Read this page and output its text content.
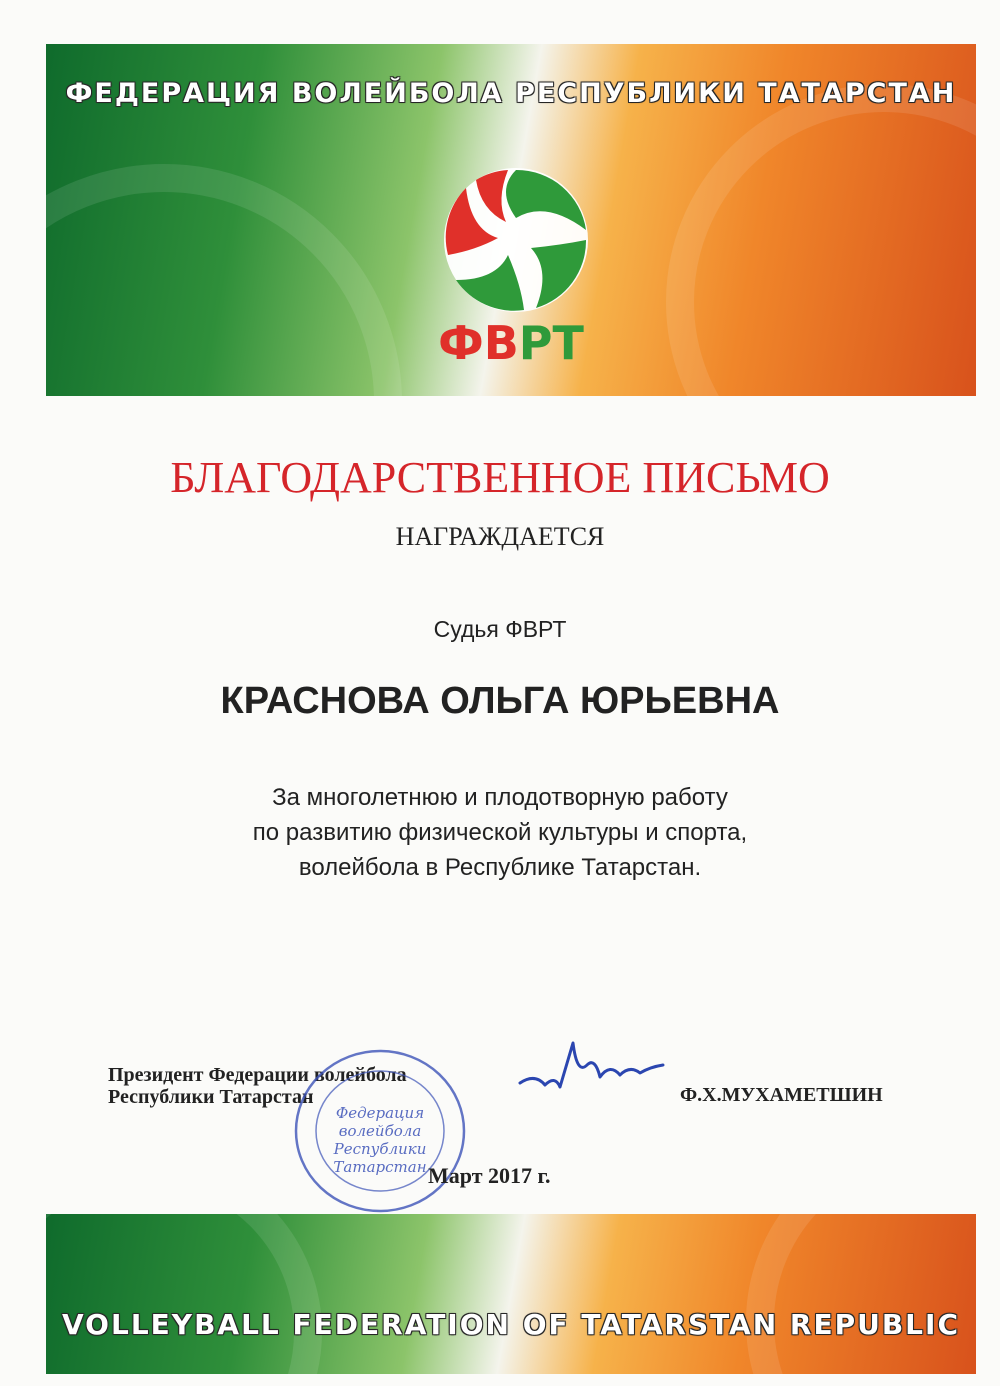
ФЕДЕРАЦИЯ ВОЛЕЙБОЛА РЕСПУБЛИКИ ТАТАРСТАН
ФВРТ
БЛАГОДАРСТВЕННОЕ ПИСЬМО
НАГРАЖДАЕТСЯ
Судья ФВРТ
КРАСНОВА ОЛЬГА ЮРЬЕВНА
За многолетнюю и плодотворную работу
по развитию физической культуры и спорта,
волейбола в Республике Татарстан.
Президент Федерации волейбола
Республики Татарстан
Федерация
волейбола
Республики
Татарстан
Ф.Х.МУХАМЕТШИН
Март 2017 г.
VOLLEYBALL FEDERATION OF TATARSTAN REPUBLIC
